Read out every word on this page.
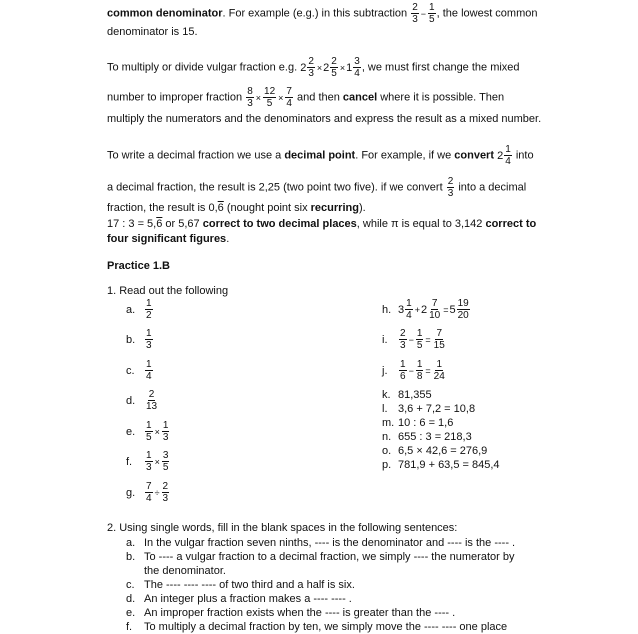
common denominator. For example (e.g.) in this subtraction $\frac{2}{3} - \frac{1}{5}$ , the lowest common

denominator is 15.

To multiply or divide vulgar fraction e.g. $2 \frac{2}{3} \times 2 \frac{2}{5} \times 1 \frac{3}{4}$ , we must first change the mixed

number to improper fraction $\frac{8}{3} \times \frac{12}{5} \times \frac{7}{4}$ and then cancel where it is possible. Then

multiply the numerators and the denominators and express the result as a mixed number.

To write a decimal fraction we use a decimal point. For example, if we convert $2 \frac{1}{4}$ into

a decimal fraction, the result is 2,25 (two point two five). if we convert $\frac{2}{3}$ into a decimal

fraction, the result is 0,6 (nought point six recurring).

17 : 3 = 5,6 or 5,67 correct to two decimal places, while π is equal to 3,142 correct to

four significant figures.

Practice 1.B
1. Read out the following
a. $\frac{1}{2}$
b. $\frac{1}{3}$
c.	$\frac{1}{4}$
d. $\frac{2}{13}$
e. $\frac{1}{5} \times \frac{1}{3}$
f.	$\frac{1}{3} \times \frac{3}{5}$
g. $\frac{7}{4} \div \frac{2}{3}$
h. $3 \frac{1}{4} + 2 \frac{7}{10} = 5 \frac{19}{20}$
i.	$\frac{2}{3} - \frac{1}{5} = \frac{7}{15}$
j.	$\frac{1}{6} - \frac{1}{8} = \frac{1}{24}$
k. 81,355
l. 3,6 + 7,2 = 10,8
m. 10 : 6 = 1,6
n. 655 : 3 = 218,3
o. 6,5 × 42,6 = 276,9
p. 781,9 + 63,5 = 845,4
2. Using single words, fill in the blank spaces in the following sentences:
a. In the vulgar fraction seven ninths, ---- is the denominator and ---- is the ---- .
b. To ---- a vulgar fraction to a decimal fraction, we simply ---- the numerator by
the denominator.
c. The ---- ---- ---- of two third and a half is six.
d. An integer plus a fraction makes a ---- ---- .
e. An improper fraction exists when the ---- is greater than the ---- .
f. To multiply a decimal fraction by ten, we simply move the ---- ---- one place
